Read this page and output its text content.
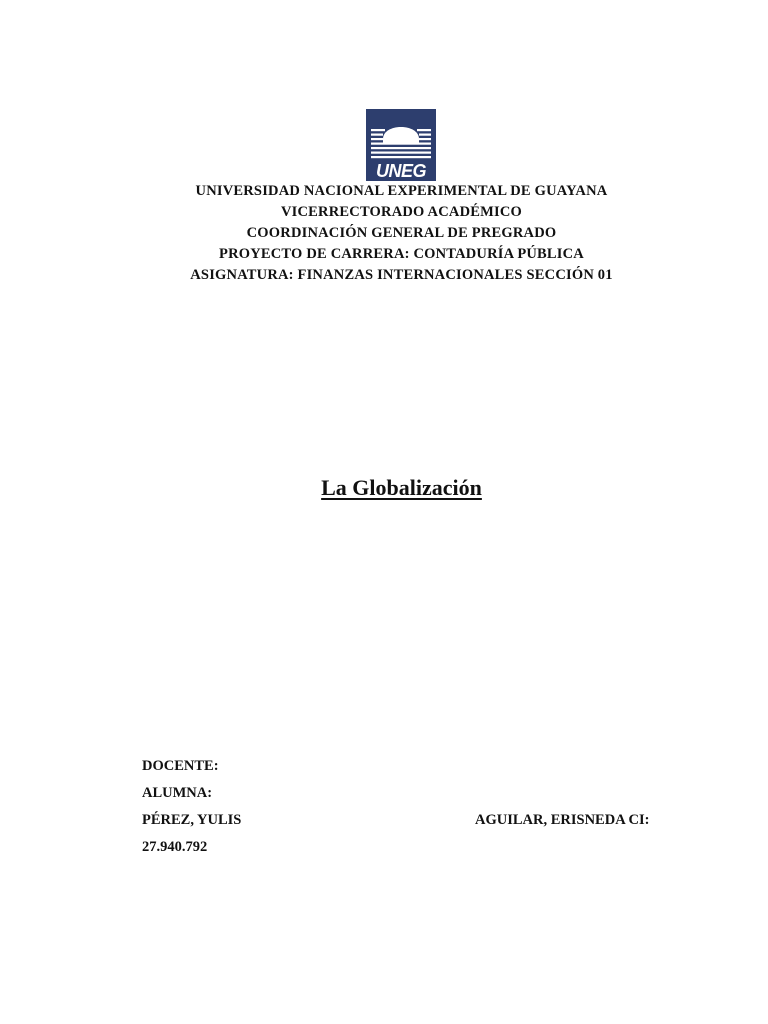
UNEG
UNIVERSIDAD NACIONAL EXPERIMENTAL DE GUAYANA
VICERRECTORADO ACADÉMICO
COORDINACIÓN GENERAL DE PREGRADO
PROYECTO DE CARRERA: CONTADURÍA PÚBLICA
ASIGNATURA: FINANZAS INTERNACIONALES SECCIÓN 01
La Globalización
DOCENTE:
ALUMNA:
PÉREZ, YULIS	AGUILAR, ERISNEDA CI:
27.940.792
